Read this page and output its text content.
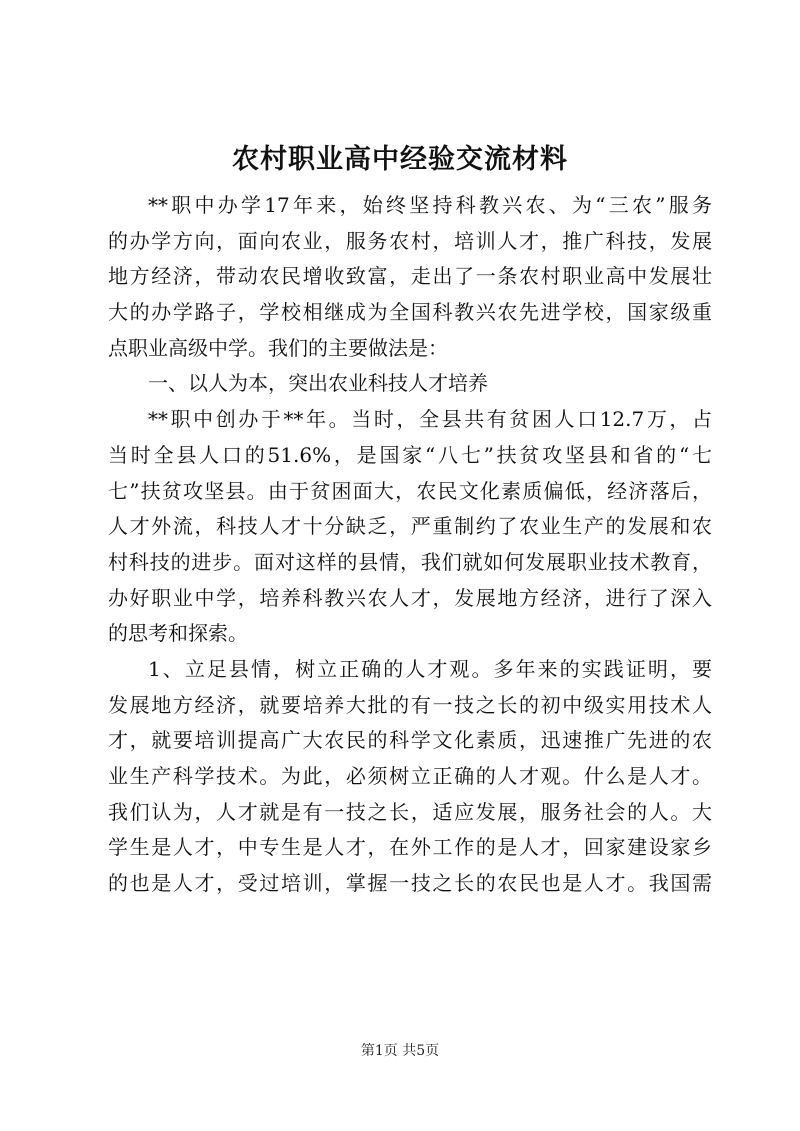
农村职业高中经验交流材料
**职中办学17年来，始终坚持科教兴农、为“三农”服务
的办学方向，面向农业，服务农村，培训人才，推广科技，发展
地方经济，带动农民增收致富，走出了一条农村职业高中发展壮
大的办学路子，学校相继成为全国科教兴农先进学校，国家级重
点职业高级中学。我们的主要做法是：
一、以人为本，突出农业科技人才培养
**职中创办于**年。当时，全县共有贫困人口12.7万，占
当时全县人口的51.6%，是国家“八七”扶贫攻坚县和省的“七
七”扶贫攻坚县。由于贫困面大，农民文化素质偏低，经济落后，
人才外流，科技人才十分缺乏，严重制约了农业生产的发展和农
村科技的进步。面对这样的县情，我们就如何发展职业技术教育，
办好职业中学，培养科教兴农人才，发展地方经济，进行了深入
的思考和探索。
1、立足县情，树立正确的人才观。多年来的实践证明，要
发展地方经济，就要培养大批的有一技之长的初中级实用技术人
才，就要培训提高广大农民的科学文化素质，迅速推广先进的农
业生产科学技术。为此，必须树立正确的人才观。什么是人才。
我们认为，人才就是有一技之长，适应发展，服务社会的人。大
学生是人才，中专生是人才，在外工作的是人才，回家建设家乡
的也是人才，受过培训，掌握一技之长的农民也是人才。我国需
第1页 共5页
